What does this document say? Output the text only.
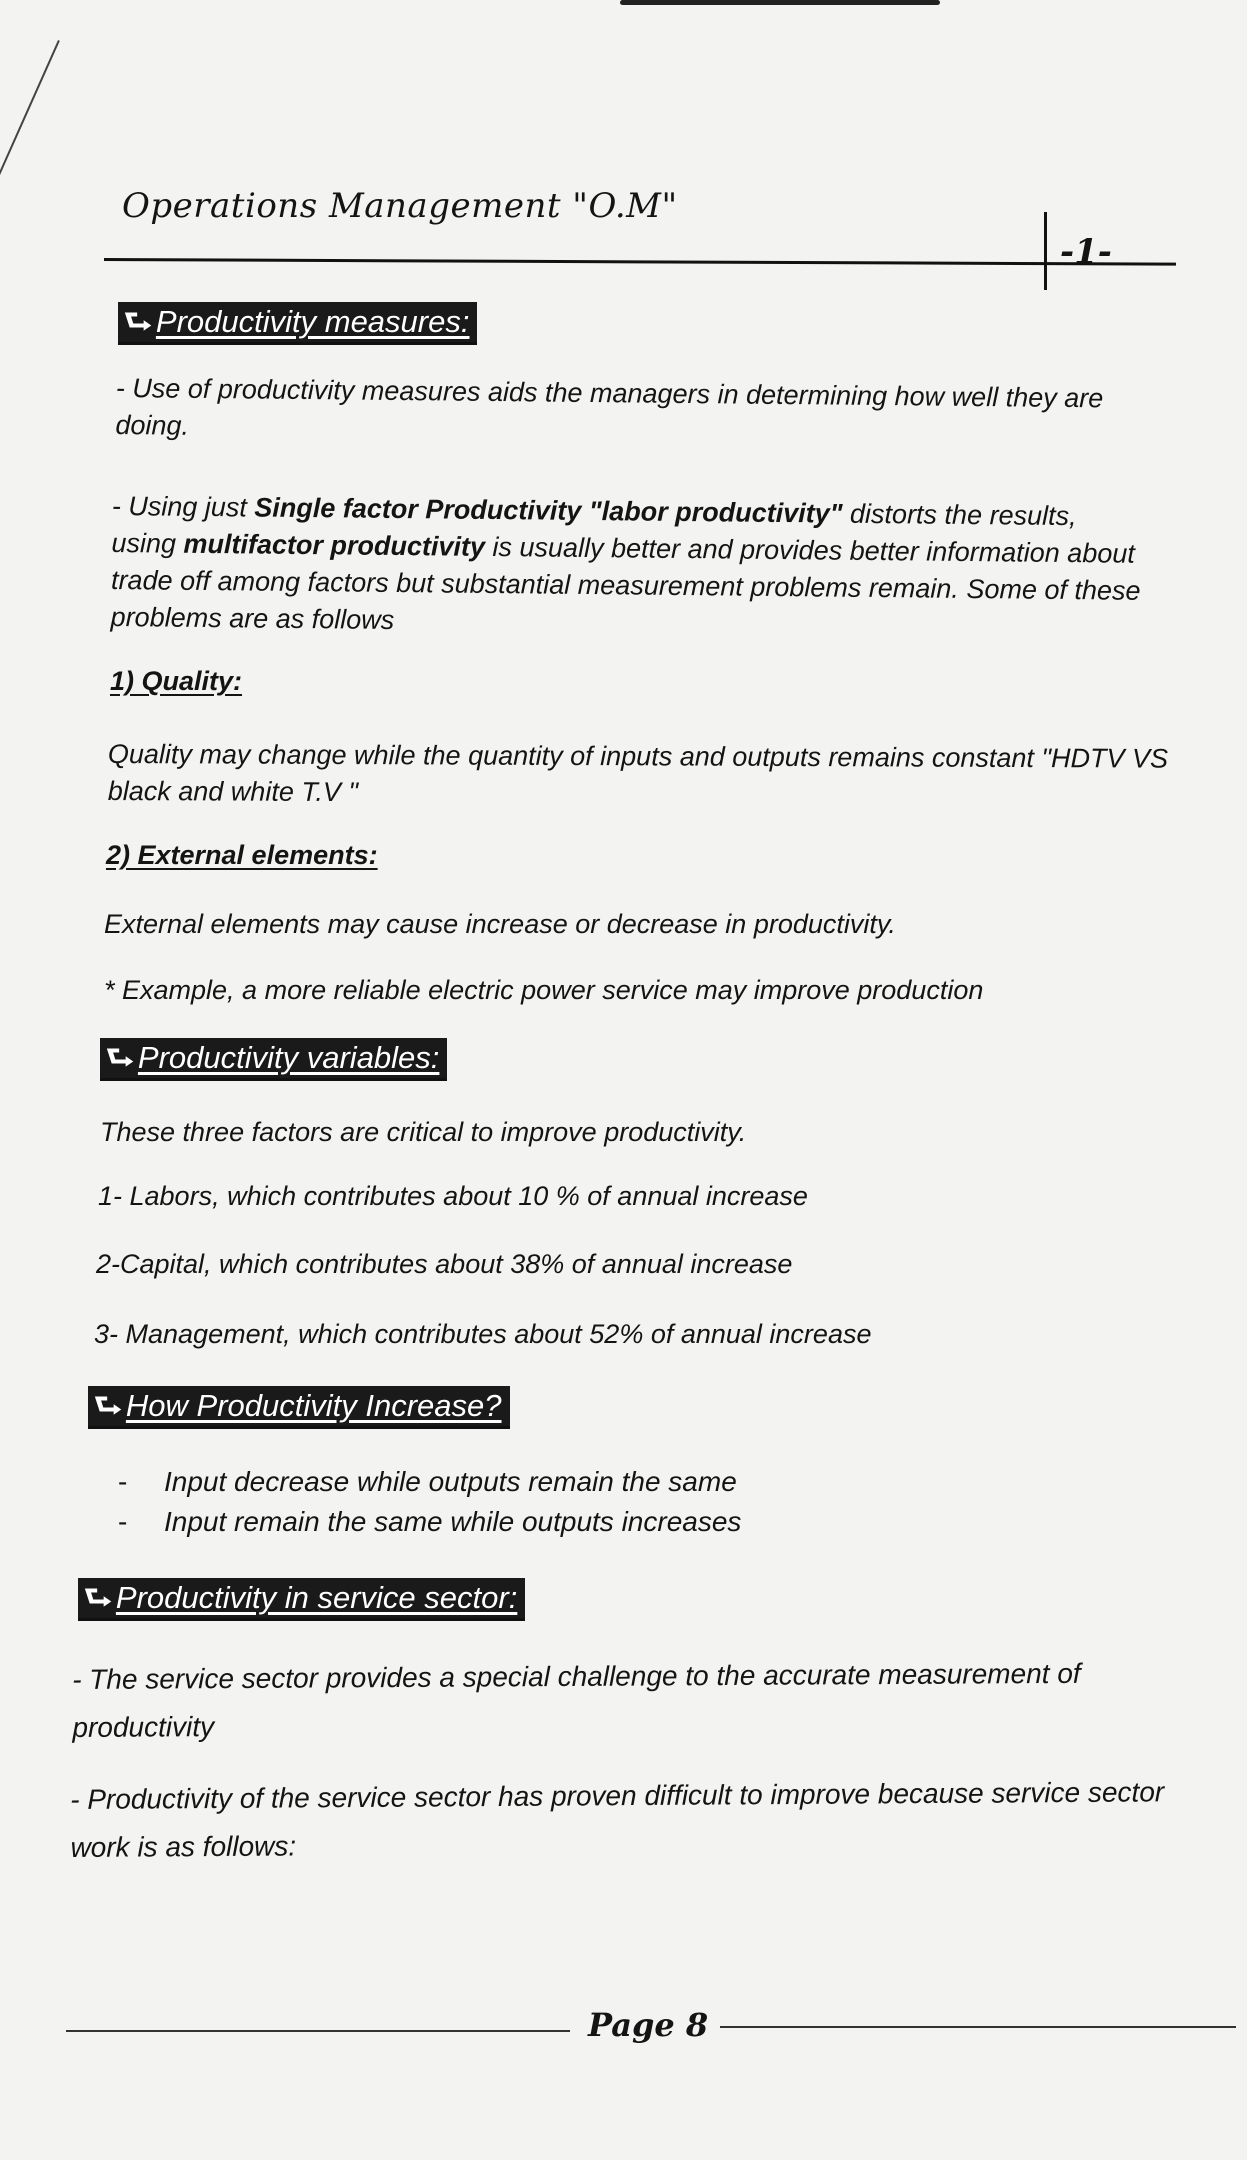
Operations Management "O.M"
-1-
⮑ Productivity measures:
- Use of productivity measures aids the managers in determining how well they are doing.
- Using just Single factor Productivity "labor productivity" distorts the results, using multifactor productivity is usually better and provides better information about trade off among factors but substantial measurement problems remain. Some of these problems are as follows
1) Quality:
Quality may change while the quantity of inputs and outputs remains constant "HDTV VS black and white T.V "
2) External elements:
External elements may cause increase or decrease in productivity.
* Example, a more reliable electric power service may improve production
⮑ Productivity variables:
These three factors are critical to improve productivity.
1- Labors, which contributes about 10 % of annual increase
2-Capital, which contributes about 38% of annual increase
3- Management, which contributes about 52% of annual increase
⮑ How Productivity Increase?
- Input decrease while outputs remain the same
- Input remain the same while outputs increases
⮑ Productivity in service sector:
- The service sector provides a special challenge to the accurate measurement of productivity
- Productivity of the service sector has proven difficult to improve because service sector work is as follows:
Page 8
